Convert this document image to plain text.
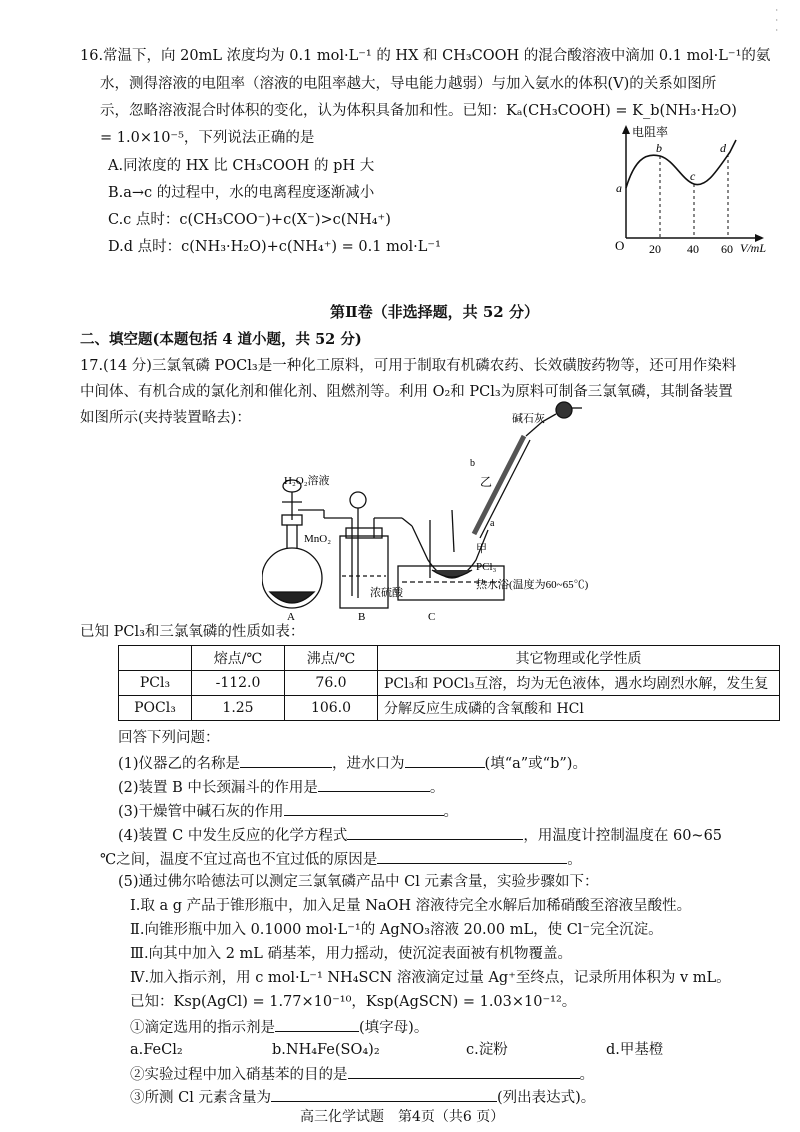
·
·
·
16.常温下，向 20mL 浓度均为 0.1 mol·L⁻¹ 的 HX 和 CH₃COOH 的混合酸溶液中滴加 0.1 mol·L⁻¹的氨
水，测得溶液的电阻率（溶液的电阻率越大，导电能力越弱）与加入氨水的体积(V)的关系如图所
示，忽略溶液混合时体积的变化，认为体积具备加和性。已知：Kₐ(CH₃COOH) = K_b(NH₃·H₂O)
= 1.0×10⁻⁵，下列说法正确的是
A.同浓度的 HX 比 CH₃COOH 的 pH 大
B.a→c 的过程中，水的电离程度逐渐减小
C.c 点时：c(CH₃COO⁻)+c(X⁻)>c(NH₄⁺)
D.d 点时：c(NH₃·H₂O)+c(NH₄⁺) = 0.1 mol·L⁻¹
电阻率
O	V/mL
20 40 60
a
b
c
d
第Ⅱ卷（非选择题，共 52 分）
二、填空题(本题包括 4 道小题，共 52 分)
17.(14 分)三氯氧磷 POCl₃是一种化工原料，可用于制取有机磷农药、长效磺胺药物等，还可用作染料
中间体、有机合成的氯化剂和催化剂、阻燃剂等。利用 O₂和 PCl₃为原料可制备三氯氧磷，其制备装置
如图所示(夹持装置略去)：
H₂O₂溶液
MnO₂
浓硫酸
碱石灰
乙
甲
PCl₃
热水浴(温度为60~65℃)
b
a
A	B	C
已知 PCl₃和三氯氧磷的性质如表：
	熔点/℃	沸点/℃	其它物理或化学性质
PCl₃	-112.0	76.0	PCl₃和 POCl₃互溶，均为无色液体，遇水均剧烈水解，发生复
POCl₃	1.25	106.0	分解反应生成磷的含氧酸和 HCl
回答下列问题：
(1)仪器乙的名称是	，进水口为	(填“a”或“b”)。
(2)装置 B 中长颈漏斗的作用是	。
(3)干燥管中碱石灰的作用	。
(4)装置 C 中发生反应的化学方程式	，用温度计控制温度在 60~65
℃之间，温度不宜过高也不宜过低的原因是	。
(5)通过佛尔哈德法可以测定三氯氧磷产品中 Cl 元素含量，实验步骤如下：
Ⅰ.取 a g 产品于锥形瓶中，加入足量 NaOH 溶液待完全水解后加稀硝酸至溶液呈酸性。
Ⅱ.向锥形瓶中加入 0.1000 mol·L⁻¹的 AgNO₃溶液 20.00 mL，使 Cl⁻完全沉淀。
Ⅲ.向其中加入 2 mL 硝基苯，用力摇动，使沉淀表面被有机物覆盖。
Ⅳ.加入指示剂，用 c mol·L⁻¹ NH₄SCN 溶液滴定过量 Ag⁺至终点，记录所用体积为 v mL。
已知：Ksp(AgCl) = 1.77×10⁻¹⁰，Ksp(AgSCN) = 1.03×10⁻¹²。
①滴定选用的指示剂是	(填字母)。
a.FeCl₂	b.NH₄Fe(SO₄)₂	c.淀粉	d.甲基橙
②实验过程中加入硝基苯的目的是	。
③所测 Cl 元素含量为	(列出表达式)。
高三化学试题　第4页（共6 页）
